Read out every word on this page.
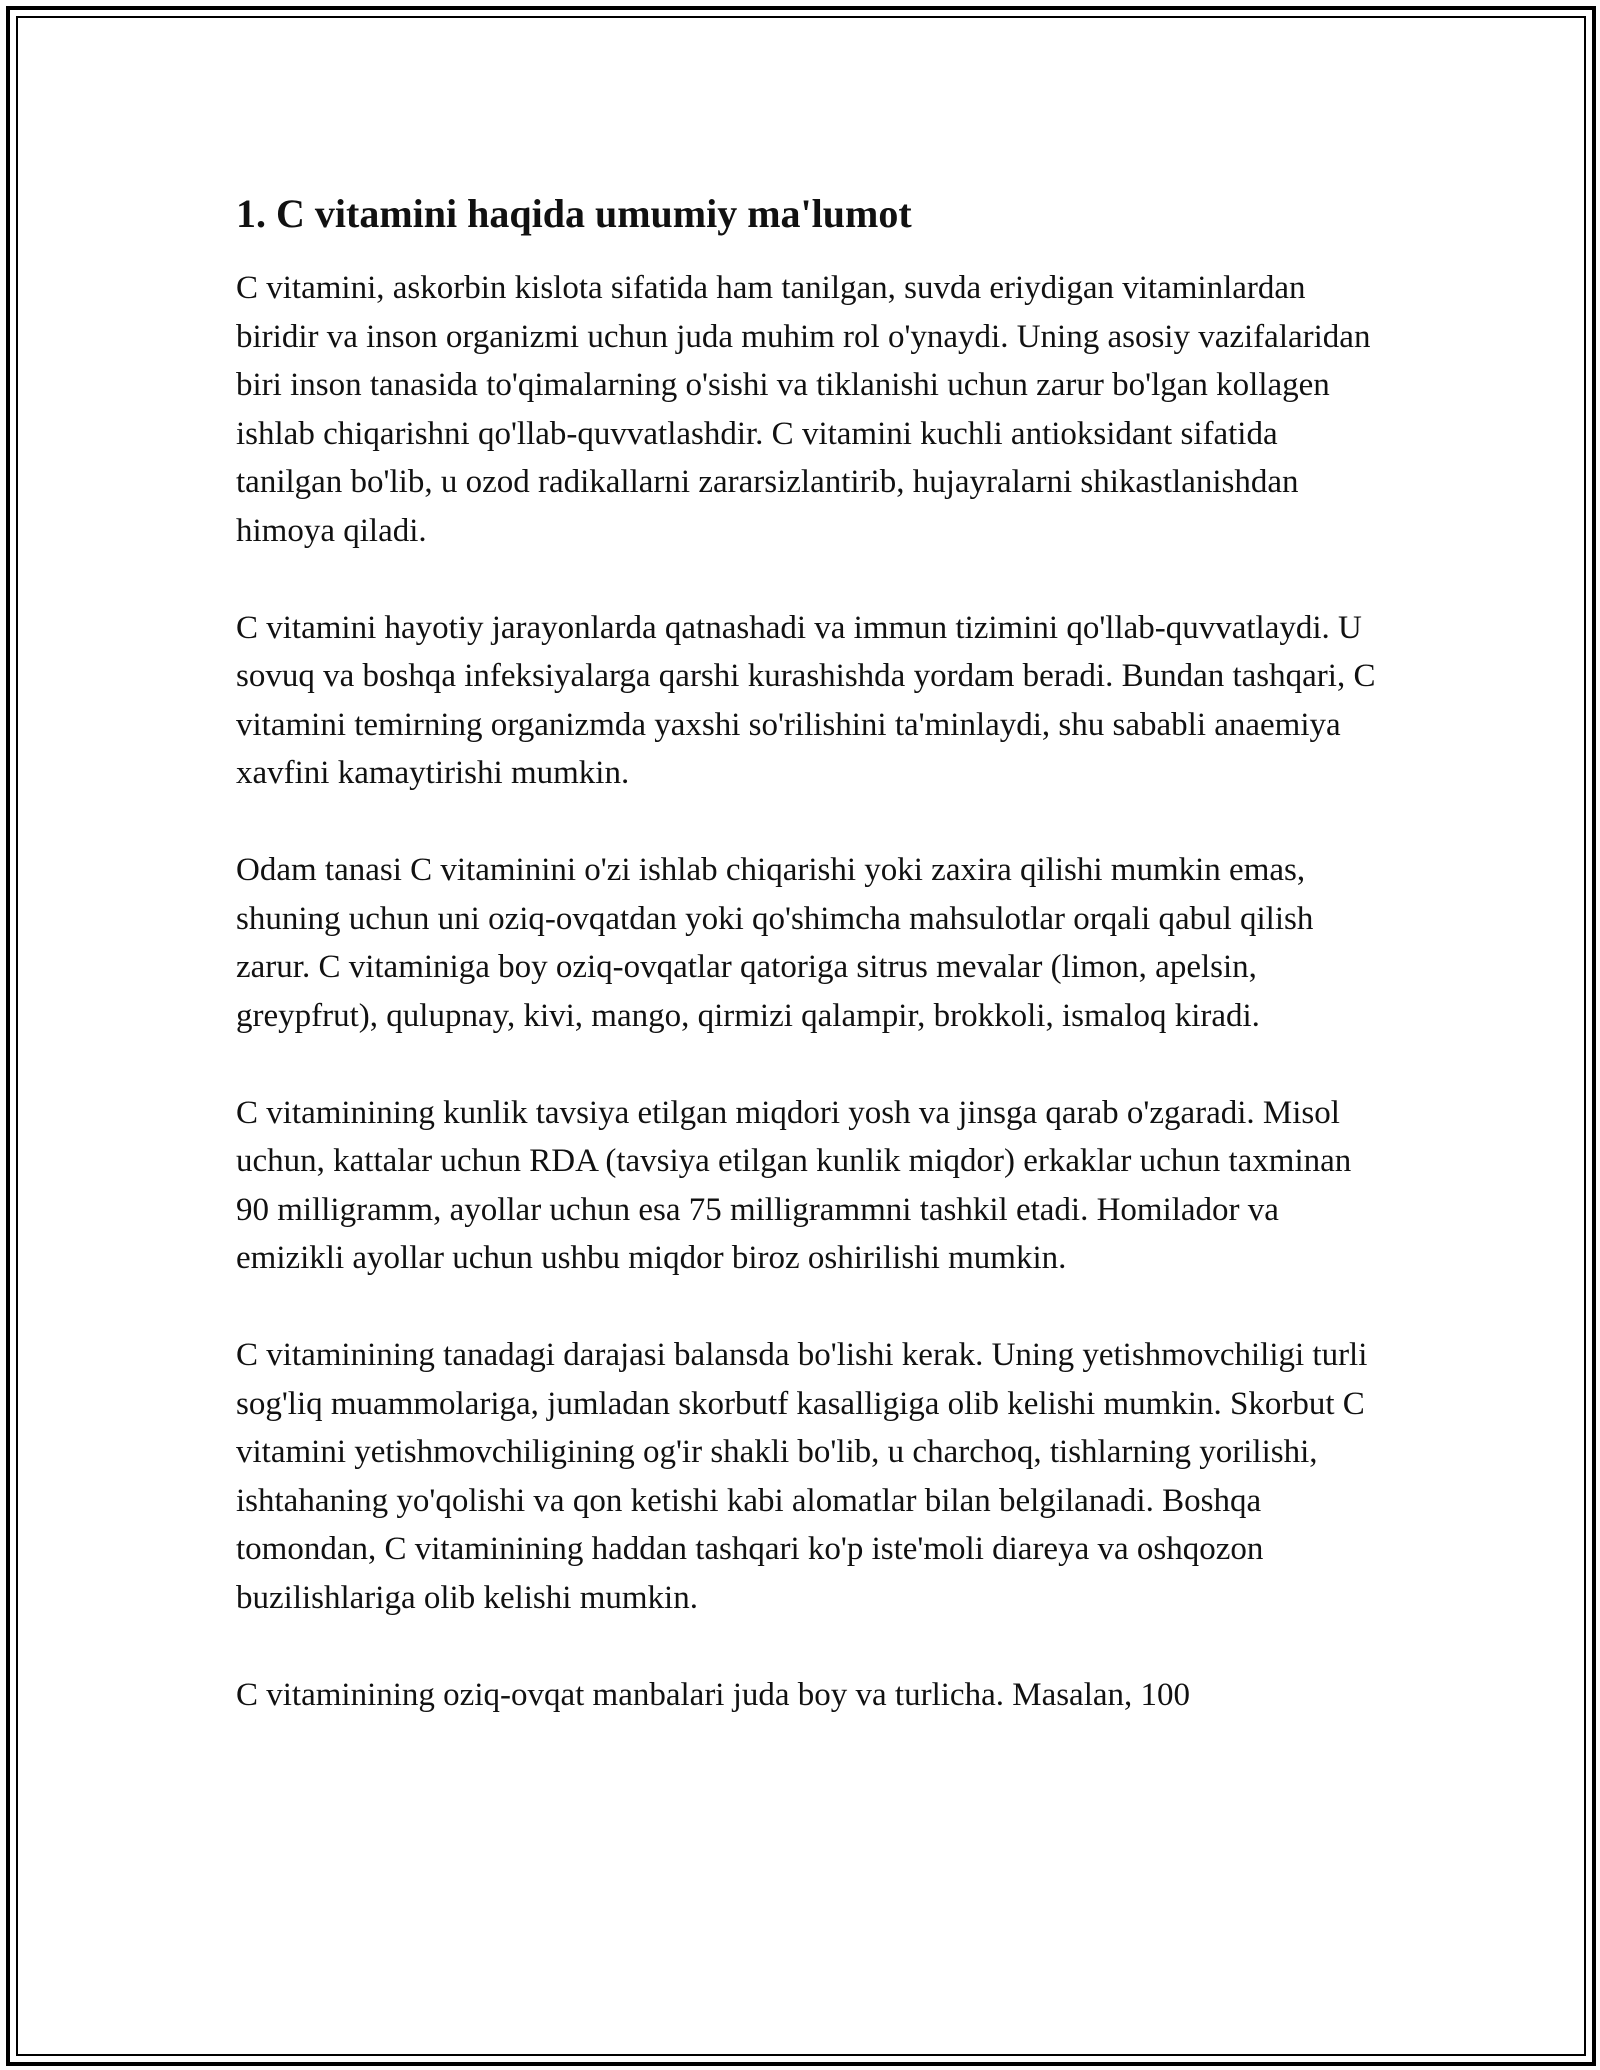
1. C vitamini haqida umumiy ma'lumot

C vitamini, askorbin kislota sifatida ham tanilgan, suvda eriydigan vitaminlardan biridir va inson organizmi uchun juda muhim rol o'ynaydi. Uning asosiy vazifalaridan biri inson tanasida to'qimalarning o'sishi va tiklanishi uchun zarur bo'lgan kollagen ishlab chiqarishni qo'llab-quvvatlashdir. C vitamini kuchli antioksidant sifatida tanilgan bo'lib, u ozod radikallarni zararsizlantirib, hujayralarni shikastlanishdan himoya qiladi.

C vitamini hayotiy jarayonlarda qatnashadi va immun tizimini qo'llab-quvvatlaydi. U sovuq va boshqa infeksiyalarga qarshi kurashishda yordam beradi. Bundan tashqari, C vitamini temirning organizmda yaxshi so'rilishini ta'minlaydi, shu sababli anaemiya xavfini kamaytirishi mumkin.

Odam tanasi C vitaminini o'zi ishlab chiqarishi yoki zaxira qilishi mumkin emas, shuning uchun uni oziq-ovqatdan yoki qo'shimcha mahsulotlar orqali qabul qilish zarur. C vitaminiga boy oziq-ovqatlar qatoriga sitrus mevalar (limon, apelsin, greypfrut), qulupnay, kivi, mango, qirmizi qalampir, brokkoli, ismaloq kiradi.

C vitaminining kunlik tavsiya etilgan miqdori yosh va jinsga qarab o'zgaradi. Misol uchun, kattalar uchun RDA (tavsiya etilgan kunlik miqdor) erkaklar uchun taxminan 90 milligramm, ayollar uchun esa 75 milligrammni tashkil etadi. Homilador va emizikli ayollar uchun ushbu miqdor biroz oshirilishi mumkin.

C vitaminining tanadagi darajasi balansda bo'lishi kerak. Uning yetishmovchiligi turli sog'liq muammolariga, jumladan skorbutf kasalligiga olib kelishi mumkin. Skorbut C vitamini yetishmovchiligining og'ir shakli bo'lib, u charchoq, tishlarning yorilishi, ishtahaning yo'qolishi va qon ketishi kabi alomatlar bilan belgilanadi. Boshqa tomondan, C vitaminining haddan tashqari ko'p iste'moli diareya va oshqozon buzilishlariga olib kelishi mumkin.

C vitaminining oziq-ovqat manbalari juda boy va turlicha. Masalan, 100
